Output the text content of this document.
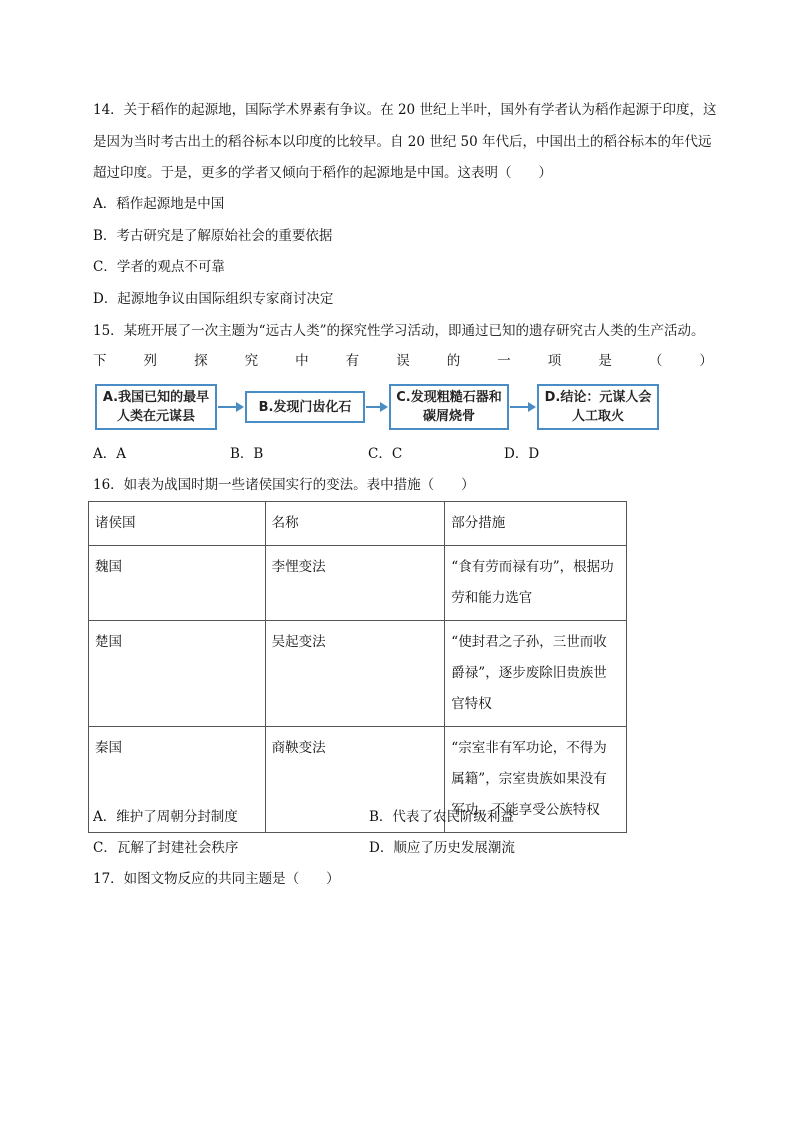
14．关于稻作的起源地，国际学术界素有争议。在 20 世纪上半叶，国外有学者认为稻作起源于印度，这
是因为当时考古出土的稻谷标本以印度的比较早。自 20 世纪 50 年代后，中国出土的稻谷标本的年代远
超过印度。于是，更多的学者又倾向于稻作的起源地是中国。这表明（　　）
A．稻作起源地是中国
B．考古研究是了解原始社会的重要依据
C．学者的观点不可靠
D．起源地争议由国际组织专家商讨决定
15．某班开展了一次主题为“远古人类”的探究性学习活动，即通过已知的遗存研究古人类的生产活动。
下	列	探	究	中	有	误	的	一	项	是	（	）
A.我国已知的最早人类在元谋县
B.发现门齿化石
C.发现粗糙石器和碳屑烧骨
D.结论：元谋人会人工取火
A．A	B．B	C．C	D．D
16．如表为战国时期一些诸侯国实行的变法。表中措施（　　）
诸侯国	名称	部分措施
魏国	李悝变法	“食有劳而禄有功”，根据功劳和能力选官
楚国	吴起变法	“使封君之子孙，三世而收爵禄”，逐步废除旧贵族世官特权
秦国	商鞅变法	“宗室非有军功论，不得为属籍”，宗室贵族如果没有军功，不能享受公族特权
A．维护了周朝分封制度	B．代表了农民阶级利益
C．瓦解了封建社会秩序	D．顺应了历史发展潮流
17．如图文物反应的共同主题是（　　）
